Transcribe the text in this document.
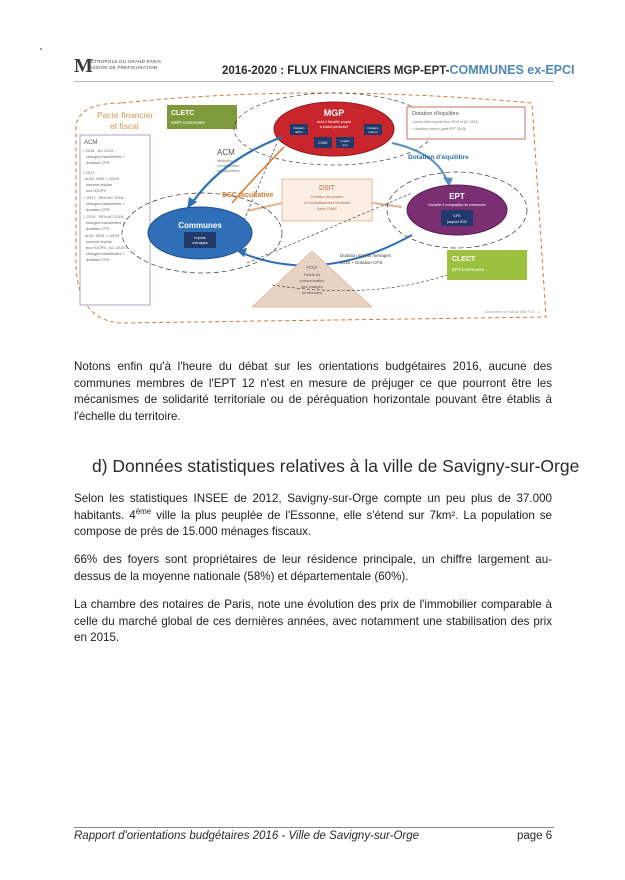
M
ÉTROPOLE DU GRAND PARIS
ISSION DE PRÉFIGURATION	2016-2020 : FLUX FINANCIERS MGP-EPT-COMMUNES ex-EPCI
Pacte financier
et fiscal
ACM
• 2016 : AC 2015 -
charges transférées +
dotation CPS
• 2017 :
si AC 2015 > 100%
comme impôts
éco+DCPS
□ 2017 : 95% AC 2016 -
charges transférées +
dotation CPS
□ 2016 : 90% AC 2015 -
charges transférées +
dotation CPS
si AC 2015 > 100%
comme impôts
éco+DCPS : AC 2015 -
charges transférées +
dotation CPS
CLETC
MGP-communes
MGP
dont 4 fiscalité propre
à statut particulier
Dotation
EPCI
Dotation
intervo
CVAE	Impôts
éco
Dotation d'équilibre
• perte entre impôts éco 2015 et AC 2015
+ dotation interco (part EPT 2015)
ACM
attribution de
compensation
métropolitaine
DSC facultative
Dotation d'équilibre
DSIT
Dotation de soutien
à l'investissement territorial
Base CVAE
Communes
Impôts
ménages
EPT
Nouvelle 2 composition de communes
CFE
jusqu'en 2020
FCCF
Fonds de
compensation
des charges
territoriales
Dotation impôts ménages
2015 + Dotation CPS	CLECT
EPT-communes
Document de travail 06/07/15 - 1
Notons enfin qu'à l'heure du débat sur les orientations budgétaires 2016, aucune des communes membres de l'EPT 12 n'est en mesure de préjuger ce que pourront être les mécanismes de solidarité territoriale ou de péréquation horizontale pouvant être établis à l'échelle du territoire.
d) Données statistiques relatives à la ville de Savigny-sur-Orge
Selon les statistiques INSEE de 2012, Savigny-sur-Orge compte un peu plus de 37.000 habitants. 4ème ville la plus peuplée de l'Essonne, elle s'étend sur 7km². La population se compose de près de 15.000 ménages fiscaux.
66% des foyers sont propriétaires de leur résidence principale, un chiffre largement au-dessus de la moyenne nationale (58%) et départementale (60%).
La chambre des notaires de Paris, note une évolution des prix de l'immobilier comparable à celle du marché global de ces dernières années, avec notamment une stabilisation des prix en 2015.
Rapport d'orientations budgétaires 2016 - Ville de Savigny-sur-Orge	page 6
